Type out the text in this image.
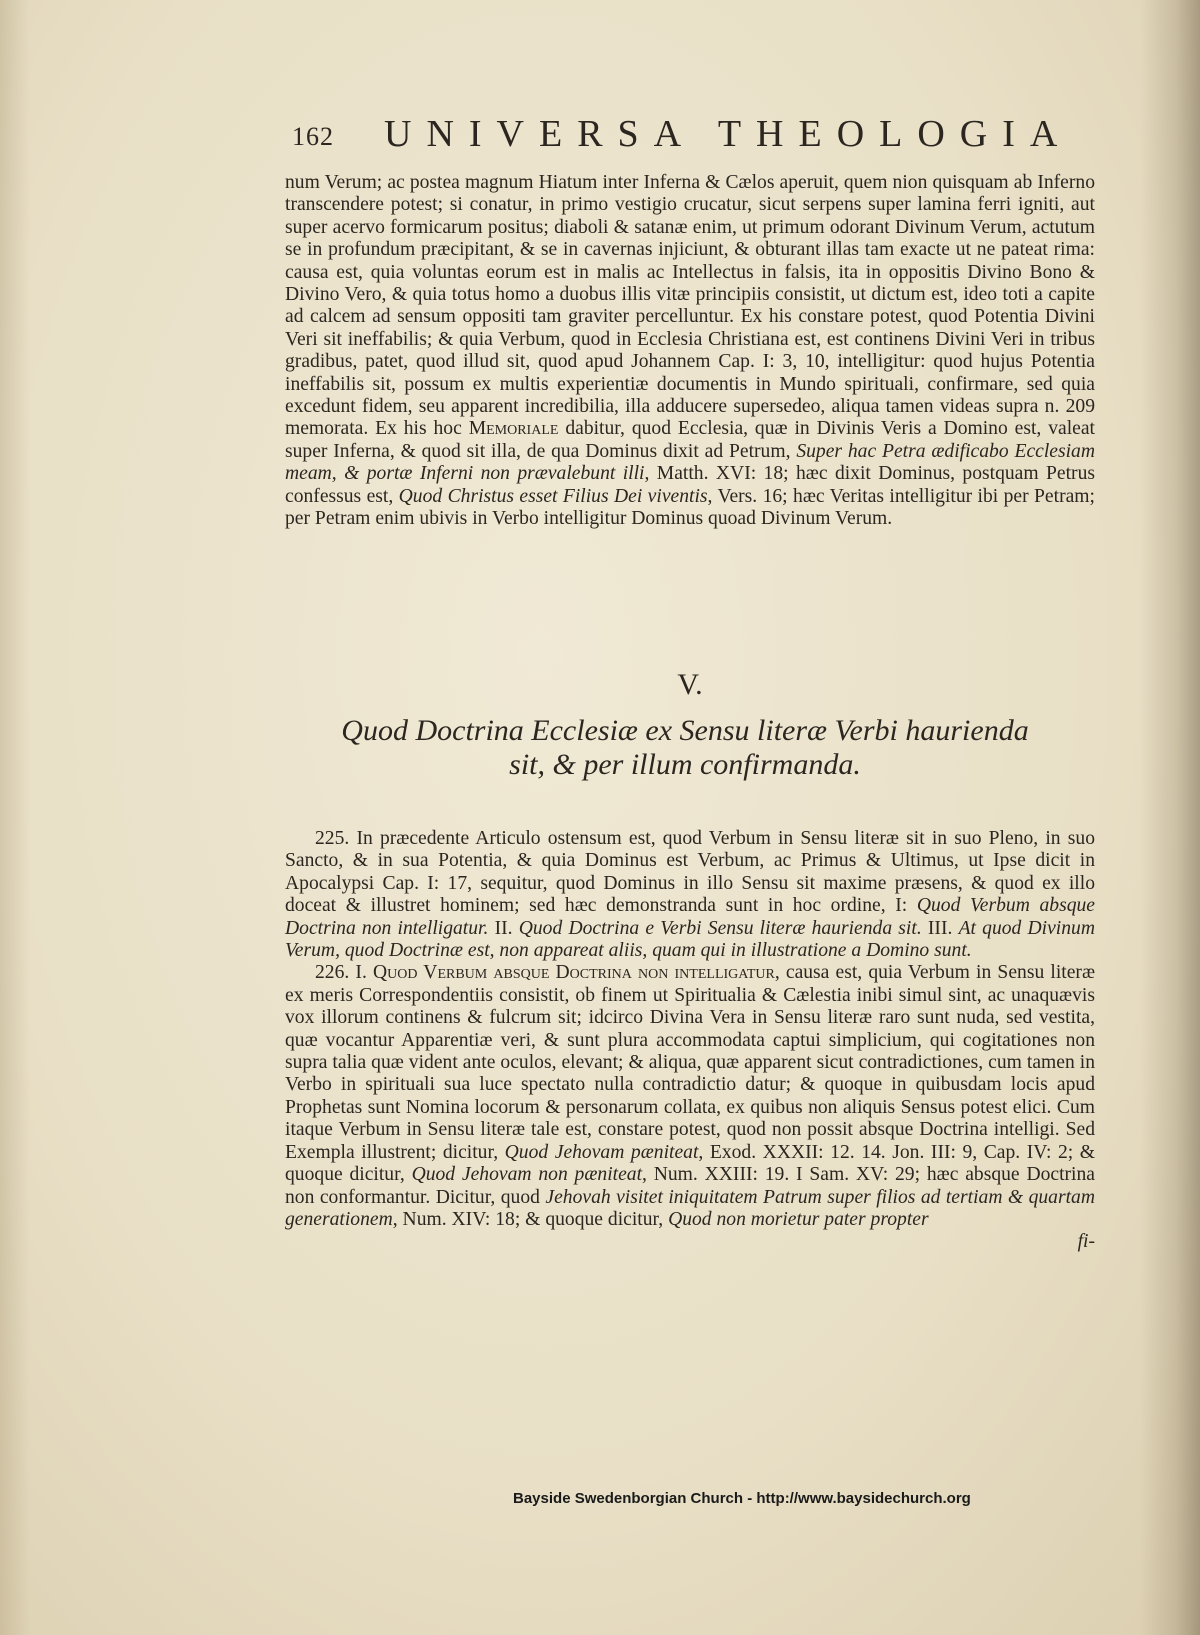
162 UNIVERSA THEOLOGIA

num Verum; ac postea magnum Hiatum inter Inferna & Cælos aperuit, quem nion quisquam ab Inferno transcendere potest; si conatur, in primo vestigio crucatur, sicut serpens super lamina ferri igniti, aut super acervo formicarum positus; diaboli & satanæ enim, ut primum odorant Divinum Verum, actutum se in profundum præcipitant, & se in cavernas injiciunt, & obturant illas tam exacte ut ne pateat rima: causa est, quia voluntas eorum est in malis ac Intellectus in falsis, ita in oppositis Divino Bono & Divino Vero, & quia totus homo a duobus illis vitæ principiis consistit, ut dictum est, ideo toti a capite ad calcem ad sensum oppositi tam graviter percelluntur. Ex his constare potest, quod Potentia Divini Veri sit ineffabilis; & quia Verbum, quod in Ecclesia Christiana est, est continens Divini Veri in tribus gradibus, patet, quod illud sit, quod apud Johannem Cap. I: 3, 10, intelligitur: quod hujus Potentia ineffabilis sit, possum ex multis experientiæ documentis in Mundo spirituali, confirmare, sed quia excedunt fidem, seu apparent incredibilia, illa adducere supersedeo, aliqua tamen videas supra n. 209 memorata. Ex his hoc Memoriale dabitur, quod Ecclesia, quæ in Divinis Veris a Domino est, valeat super Inferna, & quod sit illa, de qua Dominus dixit ad Petrum, Super hac Petra ædificabo Ecclesiam meam, & portæ Inferni non prævalebunt illi, Matth. XVI: 18; hæc dixit Dominus, postquam Petrus confessus est, Quod Christus esset Filius Dei viventis, Vers. 16; hæc Veritas intelligitur ibi per Petram; per Petram enim ubivis in Verbo intelligitur Dominus quoad Divinum Verum.

V.
Quod Doctrina Ecclesiæ ex Sensu literæ Verbi haurienda
sit, & per illum confirmanda.

225. In præcedente Articulo ostensum est, quod Verbum in Sensu literæ sit in suo Pleno, in suo Sancto, & in sua Potentia, & quia Dominus est Verbum, ac Primus & Ultimus, ut Ipse dicit in Apocalypsi Cap. I: 17, sequitur, quod Dominus in illo Sensu sit maxime præsens, & quod ex illo doceat & illustret hominem; sed hæc demonstranda sunt in hoc ordine, I: Quod Verbum absque Doctrina non intelligatur. II. Quod Doctrina e Verbi Sensu literæ haurienda sit. III. At quod Divinum Verum, quod Doctrinæ est, non appareat aliis, quam qui in illustratione a Domino sunt.

226. I. Quod Verbum absque Doctrina non intelligatur, causa est, quia Verbum in Sensu literæ ex meris Correspondentiis consistit, ob finem ut Spiritualia & Cælestia inibi simul sint, ac unaquævis vox illorum continens & fulcrum sit; idcirco Divina Vera in Sensu literæ raro sunt nuda, sed vestita, quæ vocantur Apparentiæ veri, & sunt plura accommodata captui simplicium, qui cogitationes non supra talia quæ vident ante oculos, elevant; & aliqua, quæ apparent sicut contradictiones, cum tamen in Verbo in spirituali sua luce spectato nulla contradictio datur; & quoque in quibusdam locis apud Prophetas sunt Nomina locorum & personarum collata, ex quibus non aliquis Sensus potest elici. Cum itaque Verbum in Sensu literæ tale est, constare potest, quod non possit absque Doctrina intelligi. Sed Exempla illustrent; dicitur, Quod Jehovam pæniteat, Exod. XXXII: 12. 14. Jon. III: 9, Cap. IV: 2; & quoque dicitur, Quod Jehovam non pæniteat, Num. XXIII: 19. I Sam. XV: 29; hæc absque Doctrina non conformantur. Dicitur, quod Jehovah visitet iniquitatem Patrum super filios ad tertiam & quartam generationem, Num. XIV: 18; & quoque dicitur, Quod non morietur pater propter

fi-

Bayside Swedenborgian Church - http://www.baysidechurch.org
